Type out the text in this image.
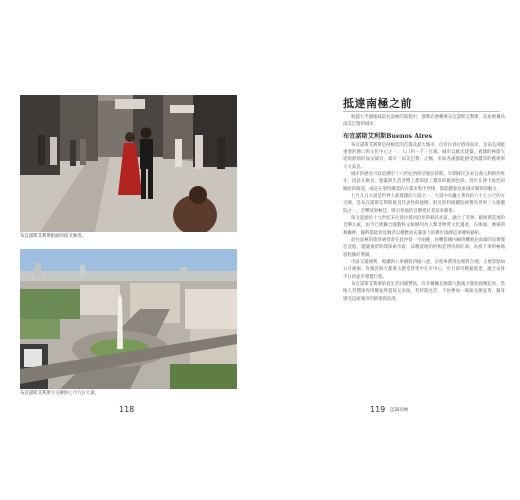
布宜諾斯艾利斯街頭的探戈舞者。
布宜諾斯艾利斯方尖碑與七月九日大道。
118
抵達南極之前

航越大半個地球前往南極的旅程中，都勢必會轉乘布宜諾斯艾利斯，這座被稱為南美巴黎的城市。

布宜諾斯艾利斯Buenos Aires

布宜諾斯艾利斯是阿根廷的首都及最大城市，位於拉普拉塔河南岸，是南美洲最重要的港口與文化中心之一，人口約一千三百萬。城市以歐式建築、寬闊的林蔭大道與熱情的探戈聞名，素有「南美巴黎」之稱，市區各處都能感受到濃厚的藝術與人文氣息。

城市的歷史可以追溯至十六世紀西班牙殖民時期，早期移民多來自義大利與西班牙，因此在飲食、建築與生活習慣上都保留了濃厚的歐洲色彩。漫步在博卡區色彩繽紛的街道，或是在聖特爾莫的古董市集中穿梭，都能體會這座城市獨特的魅力。

七月九日大道是世界上最寬闊的大道之一，大道中央矗立著高約六十七公尺的方尖碑，是布宜諾斯艾利斯最具代表性的地標。附近的科隆劇院被譽為世界三大歌劇院之一，音響效果極佳，吸引各地的音樂愛好者前來朝聖。

探戈起源於十九世紀末拉普拉塔河沿岸的移民社區，融合了非洲、歐洲與當地的音樂元素，如今已被聯合國教科文組織列為人類非物質文化遺產。在街頭、廣場與舞廳裡，隨時都能看見舞者以優雅而充滿張力的舞步演繹這項傳統藝術。

前往南極的旅客通常會在此停留一至兩晚，再轉搭國內線班機飛往南端的烏斯懷亞登船。建議預留時間探索市區，品嚐道地的阿根廷烤肉與紅酒，為接下來的極地旅程做好準備。

市區交通便利，地鐵與公車網絡四通八達，計程車費用也相對合理。主要景點如五月廣場、玫瑰宮與大都會大教堂皆集中在市中心，步行即可輕鬆抵達，適合安排半日的徒步導覽行程。

布宜諾斯艾利斯的夜生活同樣豐富，許多餐廳在晚間九點後才開始熱鬧起來，當地人習慣深夜用餐並欣賞探戈表演。若時間允許，不妨參加一場探戈晚宴秀，親身感受這座城市的熱情與浪漫。

119 認識南極
